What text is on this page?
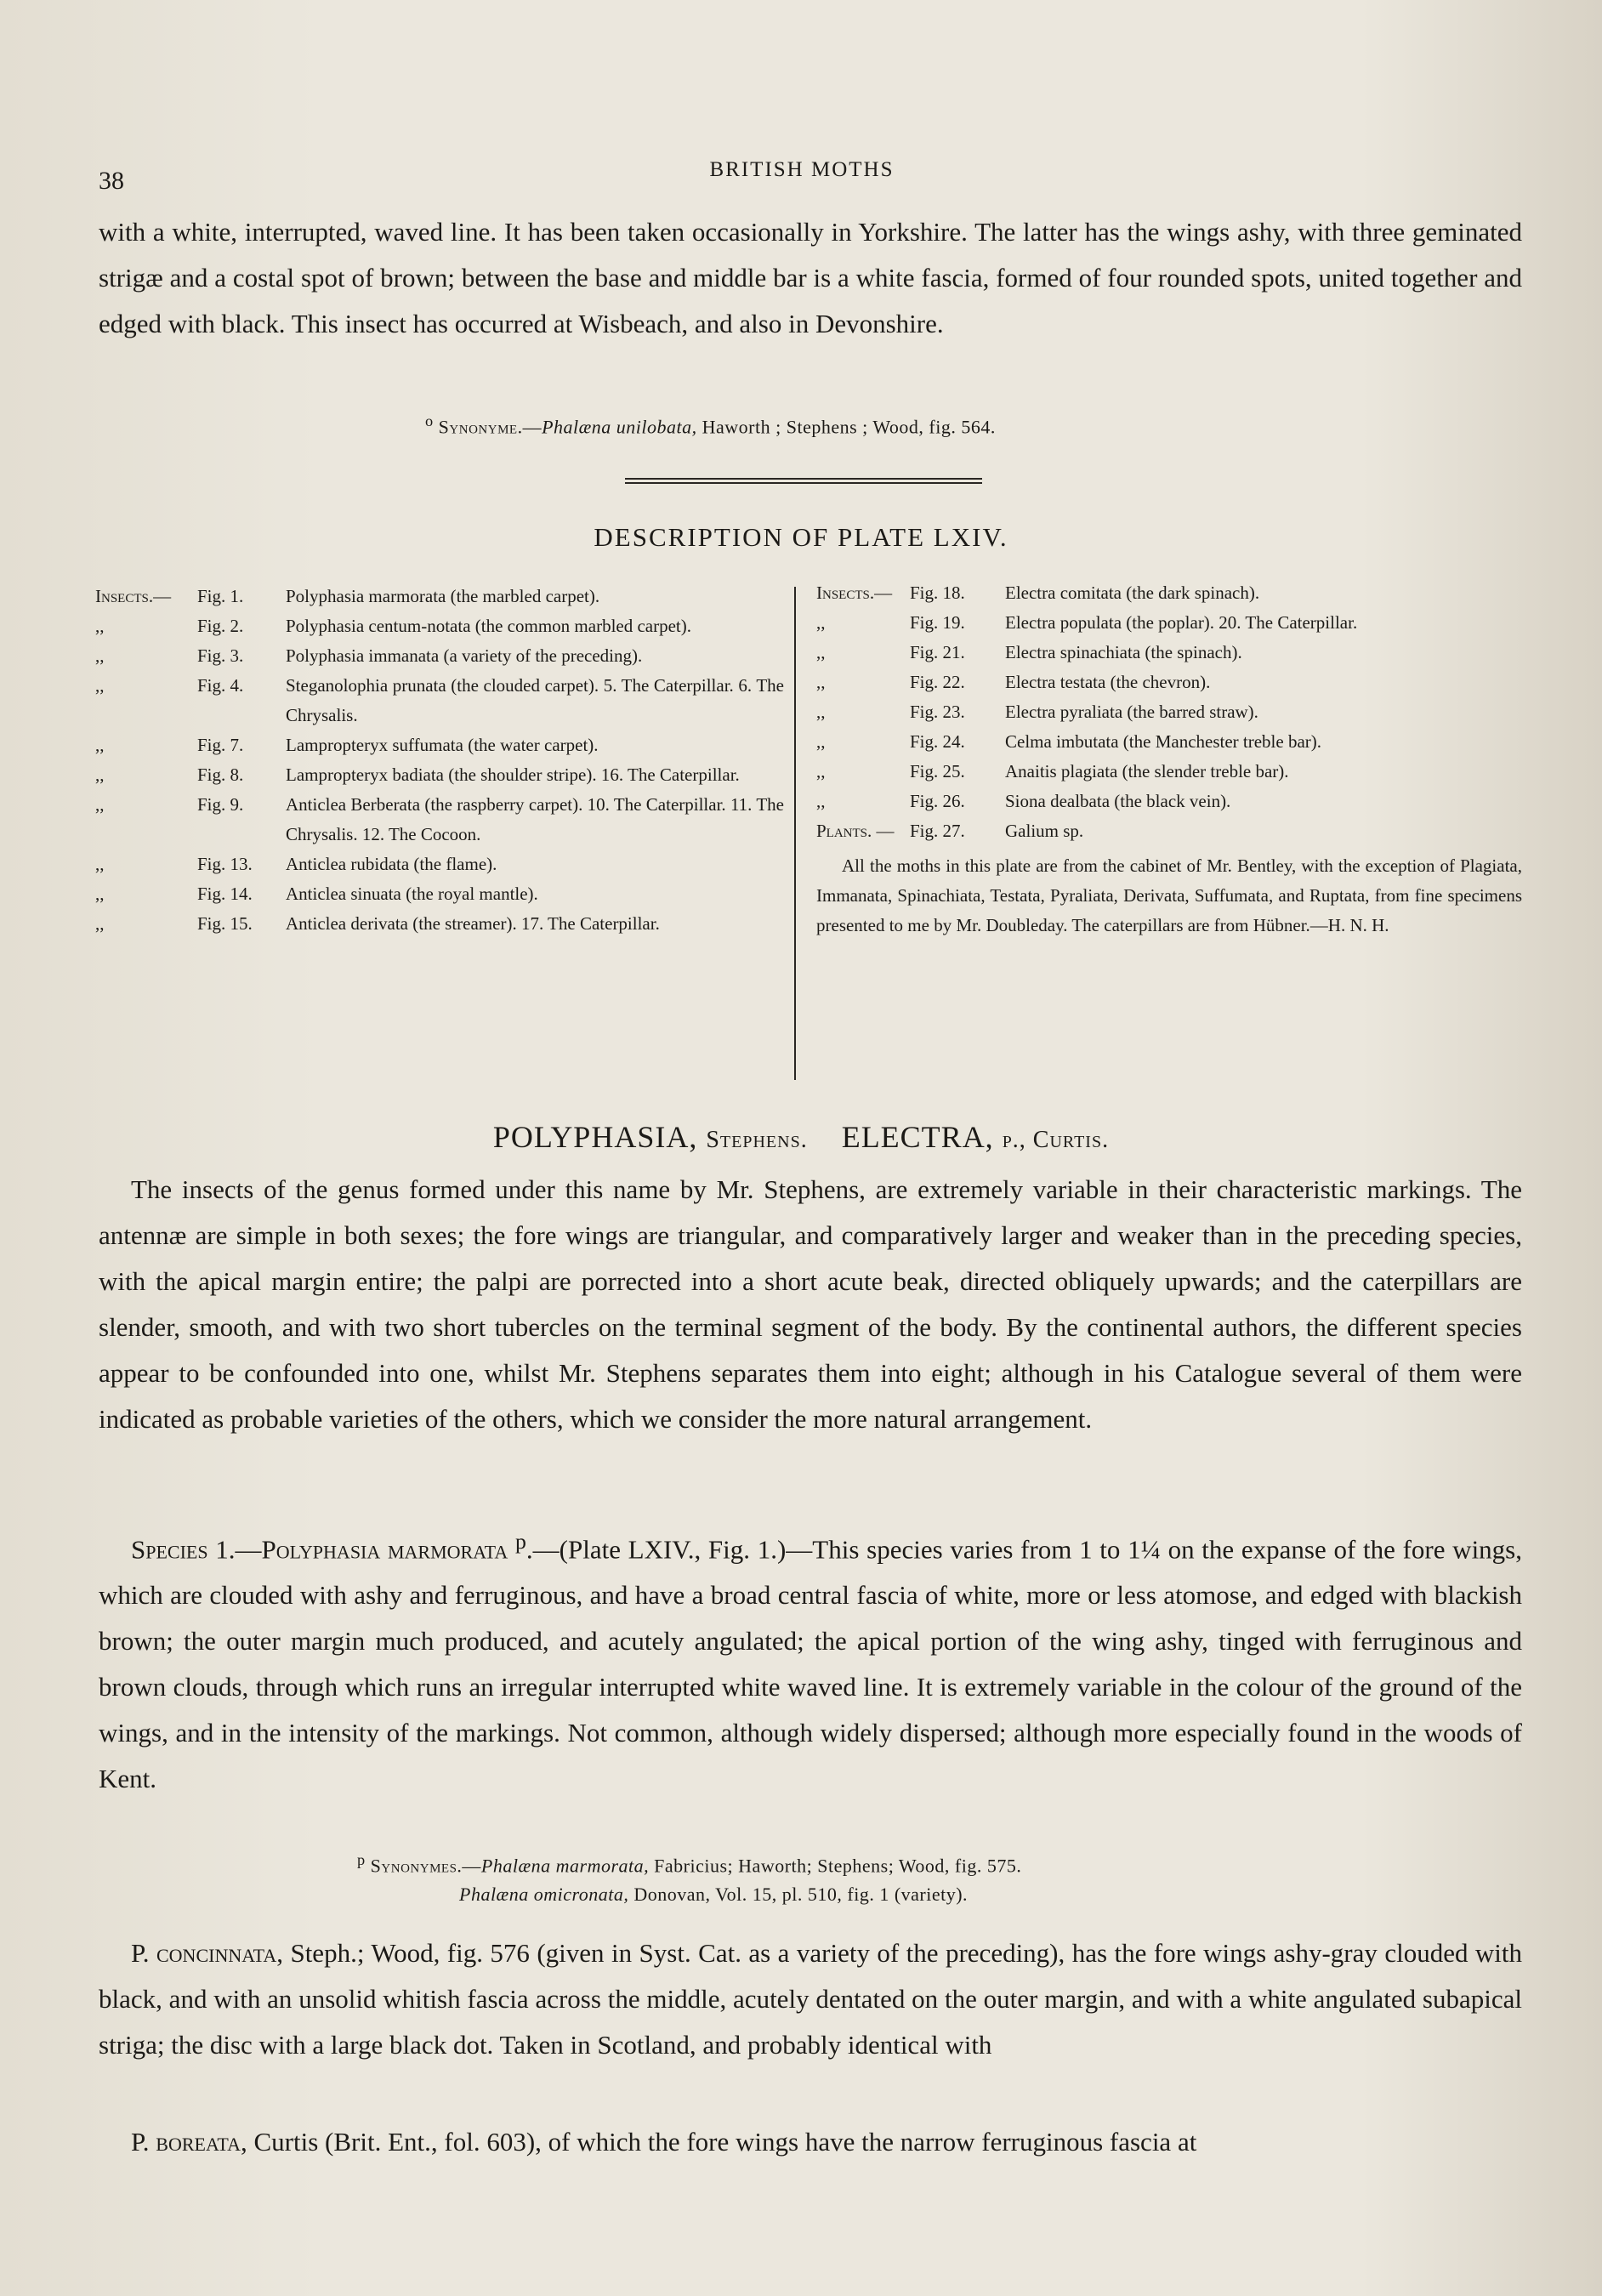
38	BRITISH MOTHS

with a white, interrupted, waved line. It has been taken occasionally in Yorkshire. The latter has the wings ashy, with three geminated strigæ and a costal spot of brown; between the base and middle bar is a white fascia, formed of four rounded spots, united together and edged with black. This insect has occurred at Wisbeach, and also in Devonshire.

$^o$ Synonyme.—Phalæna unilobata, Haworth ; Stephens ; Wood, fig. 564.
DESCRIPTION OF PLATE LXIV.
Insects.—	Fig. 1.	Polyphasia marmorata (the marbled carpet).
,,	Fig. 2.	Polyphasia centum-notata (the common marbled carpet).
,,	Fig. 3.	Polyphasia immanata (a variety of the preceding).
,,	Fig. 4.	Steganolophia prunata (the clouded carpet). 5. The Caterpillar. 6. The Chrysalis.
,,	Fig. 7.	Lampropteryx suffumata (the water carpet).
,,	Fig. 8.	Lampropteryx badiata (the shoulder stripe). 16. The Caterpillar.
,,	Fig. 9.	Anticlea Berberata (the raspberry carpet). 10. The Caterpillar. 11. The Chrysalis. 12. The Cocoon.
,,	Fig. 13.	Anticlea rubidata (the flame).
,,	Fig. 14.	Anticlea sinuata (the royal mantle).
,,	Fig. 15.	Anticlea derivata (the streamer). 17. The Caterpillar.
Insects.— Fig. 18.	Electra comitata (the dark spinach).
,,	Fig. 19.	Electra populata (the poplar). 20. The Caterpillar.
,,	Fig. 21.	Electra spinachiata (the spinach).
,,	Fig. 22.	Electra testata (the chevron).
,,	Fig. 23.	Electra pyraliata (the barred straw).
,,	Fig. 24.	Celma imbutata (the Manchester treble bar).
,,	Fig. 25.	Anaitis plagiata (the slender treble bar).
,,	Fig. 26.	Siona dealbata (the black vein).
Plants. — Fig. 27.	Galium sp.

All the moths in this plate are from the cabinet of Mr. Bentley, with the exception of Plagiata, Immanata, Spinachiata, Testata, Pyraliata, Derivata, Suffumata, and Ruptata, from fine specimens presented to me by Mr. Doubleday. The caterpillars are from Hübner.—H. N. H.

POLYPHASIA, Stephens. ELECTRA, p., Curtis.

The insects of the genus formed under this name by Mr. Stephens, are extremely variable in their characteristic markings. The antennæ are simple in both sexes; the fore wings are triangular, and comparatively larger and weaker than in the preceding species, with the apical margin entire; the palpi are porrected into a short acute beak, directed obliquely upwards; and the caterpillars are slender, smooth, and with two short tubercles on the terminal segment of the body. By the continental authors, the different species appear to be confounded into one, whilst Mr. Stephens separates them into eight; although in his Catalogue several of them were indicated as probable varieties of the others, which we consider the more natural arrangement.

Species 1.—Polyphasia marmorata $^p$.—(Plate LXIV., Fig. 1.)—This species varies from 1 to 1¼ on the expanse of the fore wings, which are clouded with ashy and ferruginous, and have a broad central fascia of white, more or less atomose, and edged with blackish brown; the outer margin much produced, and acutely angulated; the apical portion of the wing ashy, tinged with ferruginous and brown clouds, through which runs an irregular interrupted white waved line. It is extremely variable in the colour of the ground of the wings, and in the intensity of the markings. Not common, although widely dispersed; although more especially found in the woods of Kent.

$^p$ Synonymes.—Phalæna marmorata, Fabricius; Haworth; Stephens; Wood, fig. 575.
Phalæna omicronata, Donovan, Vol. 15, pl. 510, fig. 1 (variety).

P. concinnata, Steph.; Wood, fig. 576 (given in Syst. Cat. as a variety of the preceding), has the fore wings ashy-gray clouded with black, and with an unsolid whitish fascia across the middle, acutely dentated on the outer margin, and with a white angulated subapical striga; the disc with a large black dot. Taken in Scotland, and probably identical with

P. boreata, Curtis (Brit. Ent., fol. 603), of which the fore wings have the narrow ferruginous fascia at
